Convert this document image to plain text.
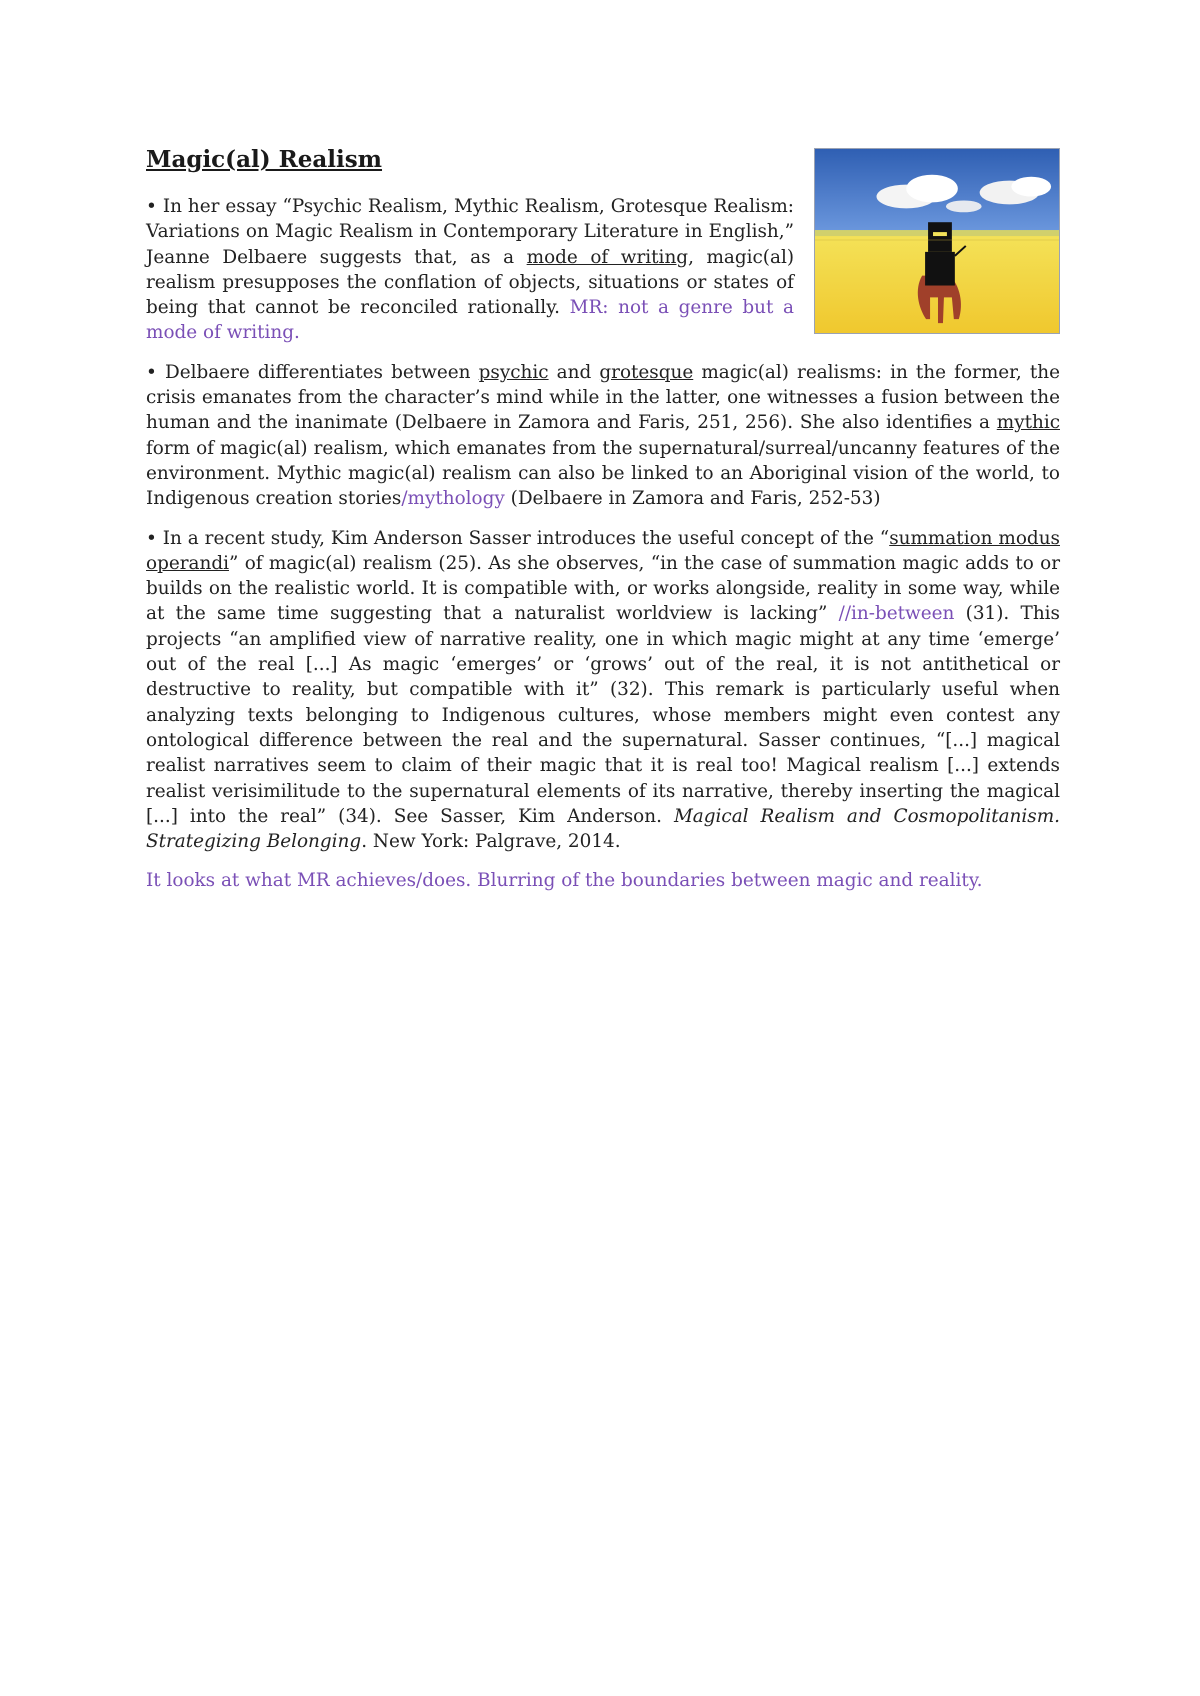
Magic(al) Realism

• In her essay “Psychic Realism, Mythic Realism, Grotesque Realism: Variations on Magic Realism in Contemporary Literature in English,” Jeanne Delbaere suggests that, as a mode of writing, magic(al) realism presupposes the conflation of objects, situations or states of being that cannot be reconciled rationally. MR: not a genre but a mode of writing.

• Delbaere differentiates between psychic and grotesque magic(al) realisms: in the former, the crisis emanates from the character’s mind while in the latter, one witnesses a fusion between the human and the inanimate (Delbaere in Zamora and Faris, 251, 256). She also identifies a mythic form of magic(al) realism, which emanates from the supernatural/surreal/uncanny features of the environment. Mythic magic(al) realism can also be linked to an Aboriginal vision of the world, to Indigenous creation stories/mythology (Delbaere in Zamora and Faris, 252-53)

• In a recent study, Kim Anderson Sasser introduces the useful concept of the “summation modus operandi” of magic(al) realism (25). As she observes, “in the case of summation magic adds to or builds on the realistic world. It is compatible with, or works alongside, reality in some way, while at the same time suggesting that a naturalist worldview is lacking” //in-between (31). This projects “an amplified view of narrative reality, one in which magic might at any time ‘emerge’ out of the real [...] As magic ‘emerges’ or ‘grows’ out of the real, it is not antithetical or destructive to reality, but compatible with it” (32). This remark is particularly useful when analyzing texts belonging to Indigenous cultures, whose members might even contest any ontological difference between the real and the supernatural. Sasser continues, “[...] magical realist narratives seem to claim of their magic that it is real too! Magical realism [...] extends realist verisimilitude to the supernatural elements of its narrative, thereby inserting the magical [...] into the real” (34). See Sasser, Kim Anderson. Magical Realism and Cosmopolitanism. Strategizing Belonging. New York: Palgrave, 2014.

It looks at what MR achieves/does. Blurring of the boundaries between magic and reality.
